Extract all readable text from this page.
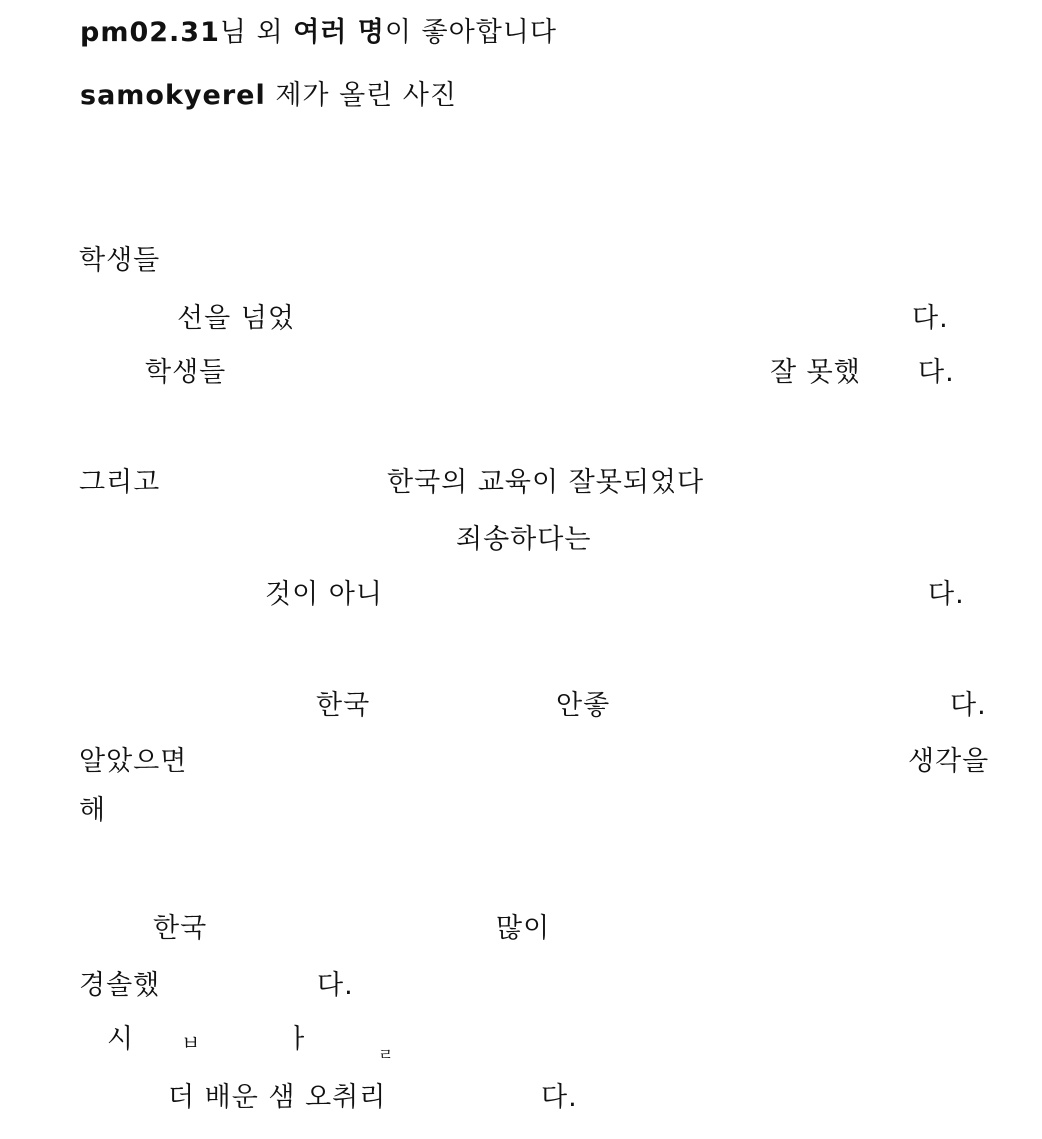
pm02.31님 외 여러 명이 좋아합니다
samokyerel 제가 올린 사진
학생들
선을 넘었	다.
학생들	잘 못했 다.
그리고	한국의 교육이 잘못되었다
죄송하다는
것이 아니	다.
한국	안좋	다.
알았으면	생각을
해
한국	많이
경솔했	다.
시 ㅂ	ㅏ	ㄹ
더 배운 샘 오취리	다.
